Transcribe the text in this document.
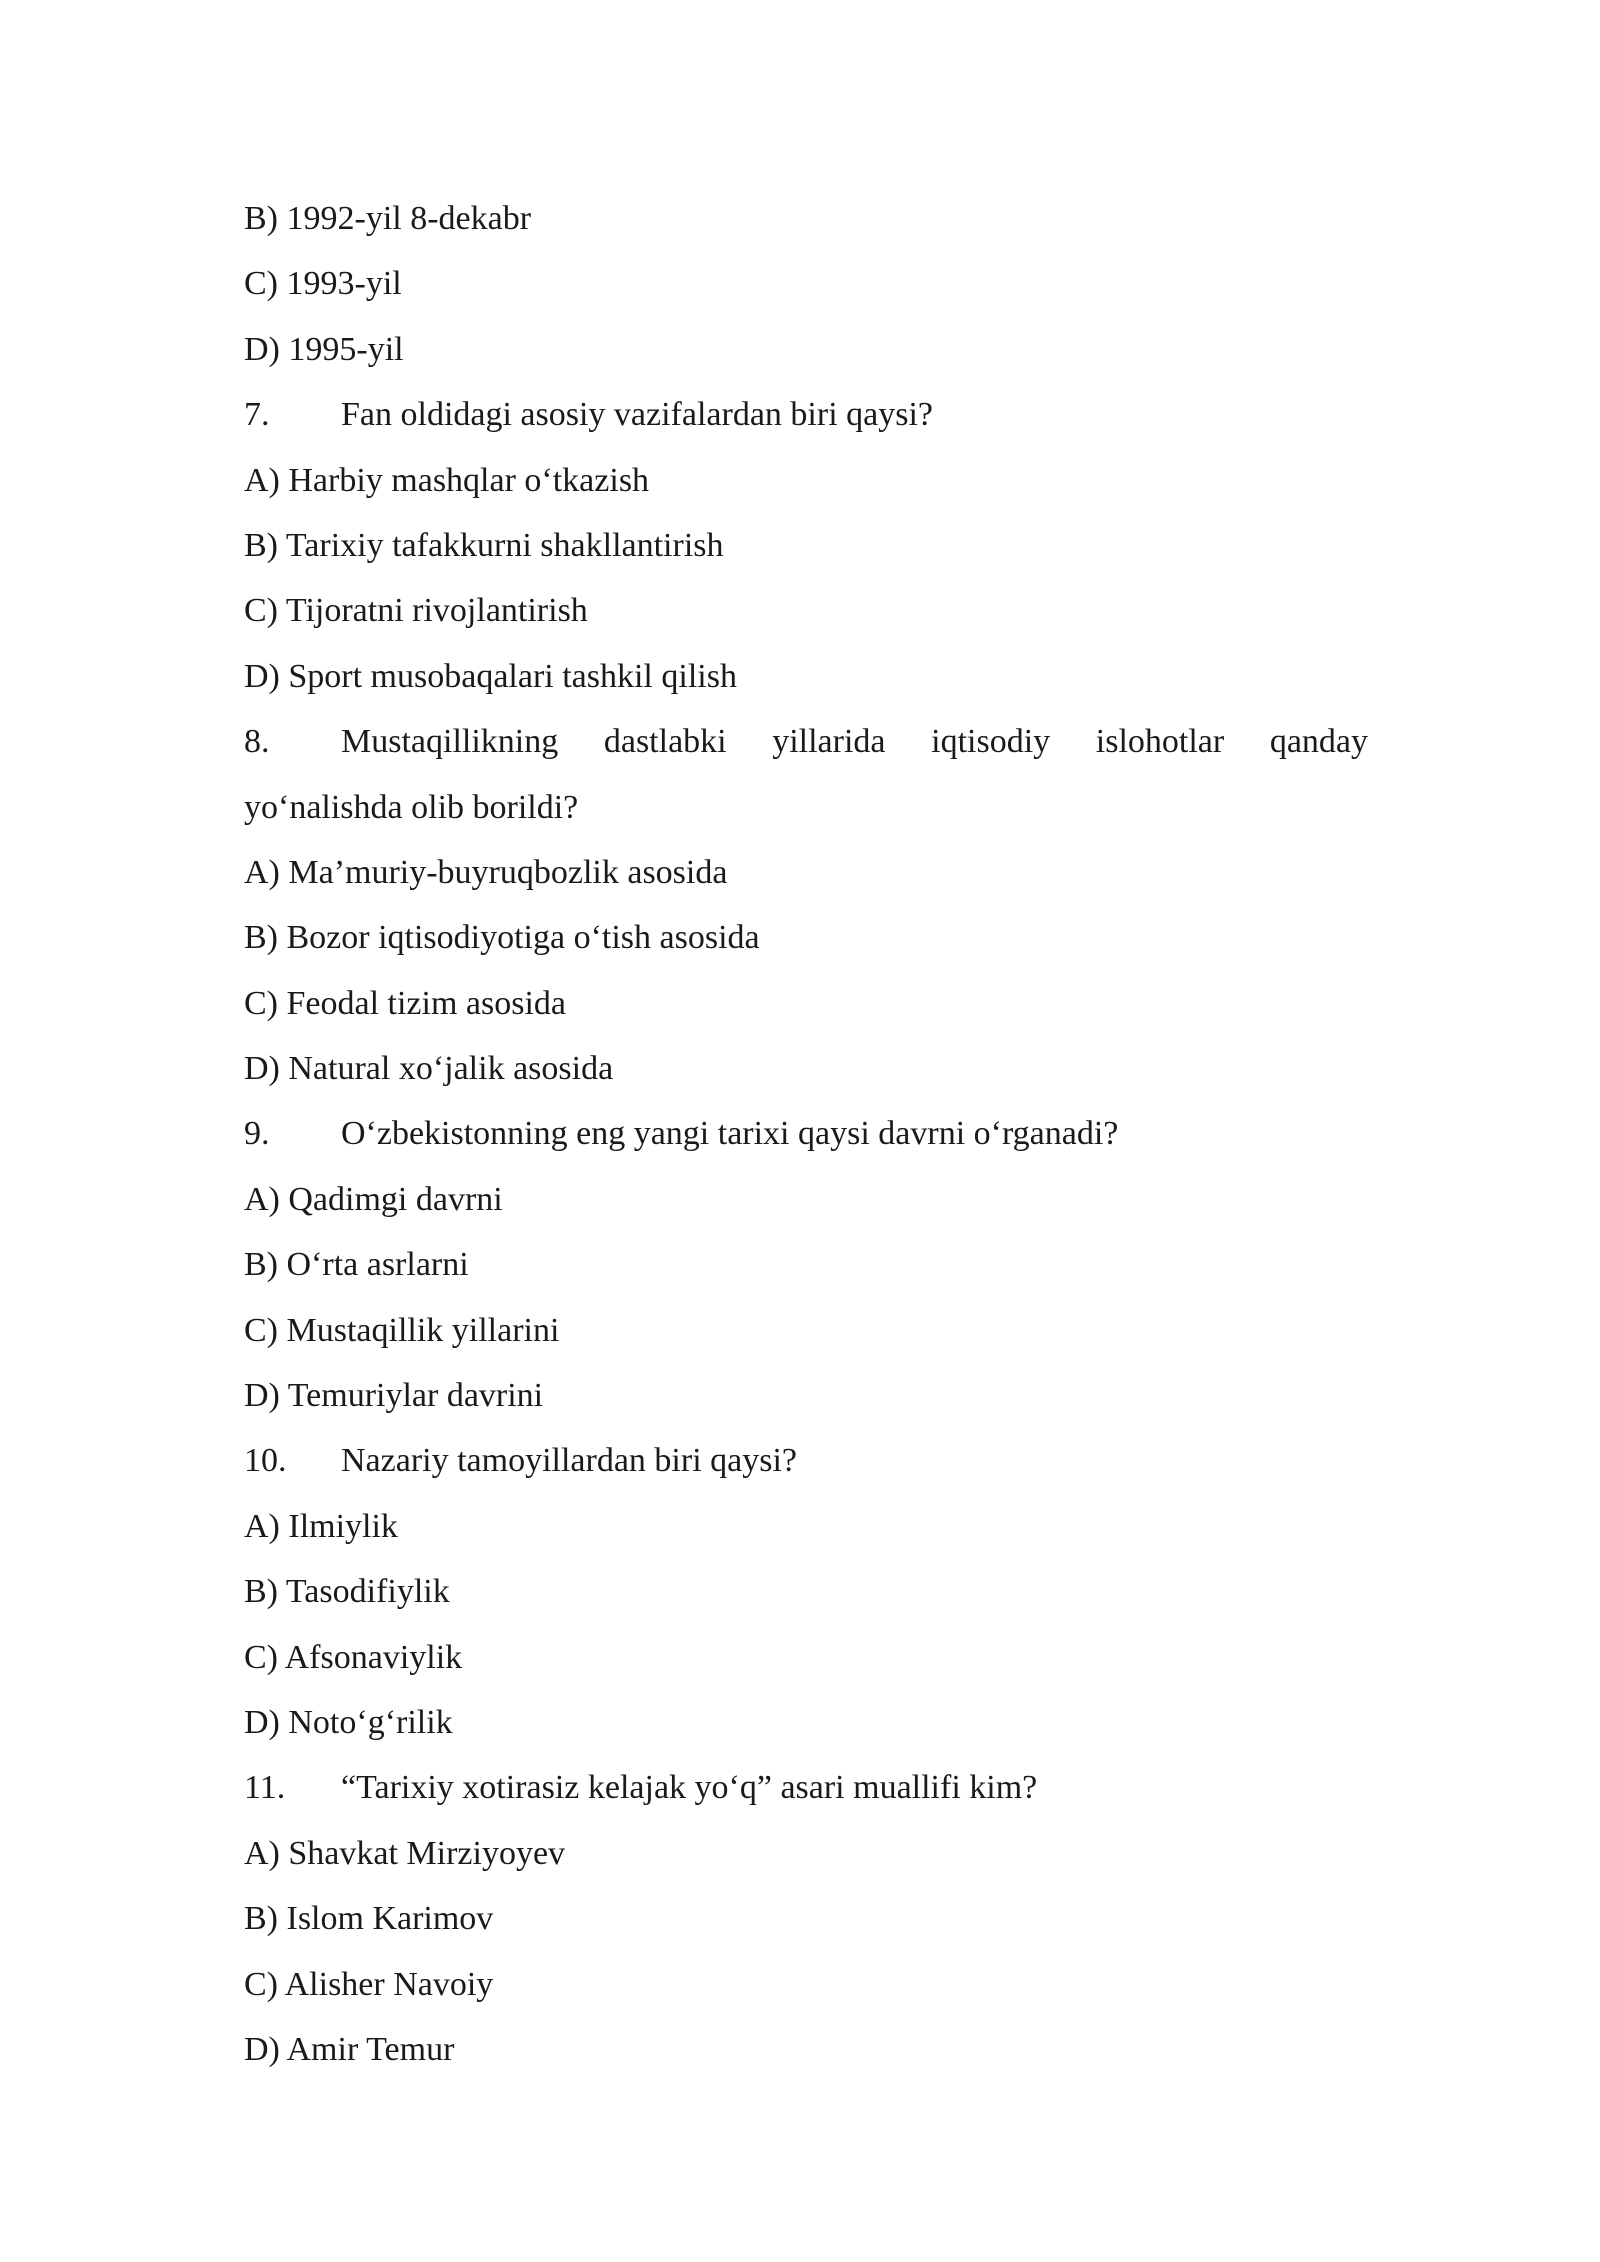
B) 1992-yil 8-dekabr
C) 1993-yil
D) 1995-yil
7.	Fan oldidagi asosiy vazifalardan biri qaysi?
A) Harbiy mashqlar o‘tkazish
B) Tarixiy tafakkurni shakllantirish
C) Tijoratni rivojlantirish
D) Sport musobaqalari tashkil qilish
8.	Mustaqillikning dastlabki yillarida iqtisodiy islohotlar qanday
yo‘nalishda olib borildi?
A) Ma’muriy-buyruqbozlik asosida
B) Bozor iqtisodiyotiga o‘tish asosida
C) Feodal tizim asosida
D) Natural xo‘jalik asosida
9.	O‘zbekistonning eng yangi tarixi qaysi davrni o‘rganadi?
A) Qadimgi davrni
B) O‘rta asrlarni
C) Mustaqillik yillarini
D) Temuriylar davrini
10.	Nazariy tamoyillardan biri qaysi?
A) Ilmiylik
B) Tasodifiylik
C) Afsonaviylik
D) Noto‘g‘rilik
11.	“Tarixiy xotirasiz kelajak yo‘q” asari muallifi kim?
A) Shavkat Mirziyoyev
B) Islom Karimov
C) Alisher Navoiy
D) Amir Temur
